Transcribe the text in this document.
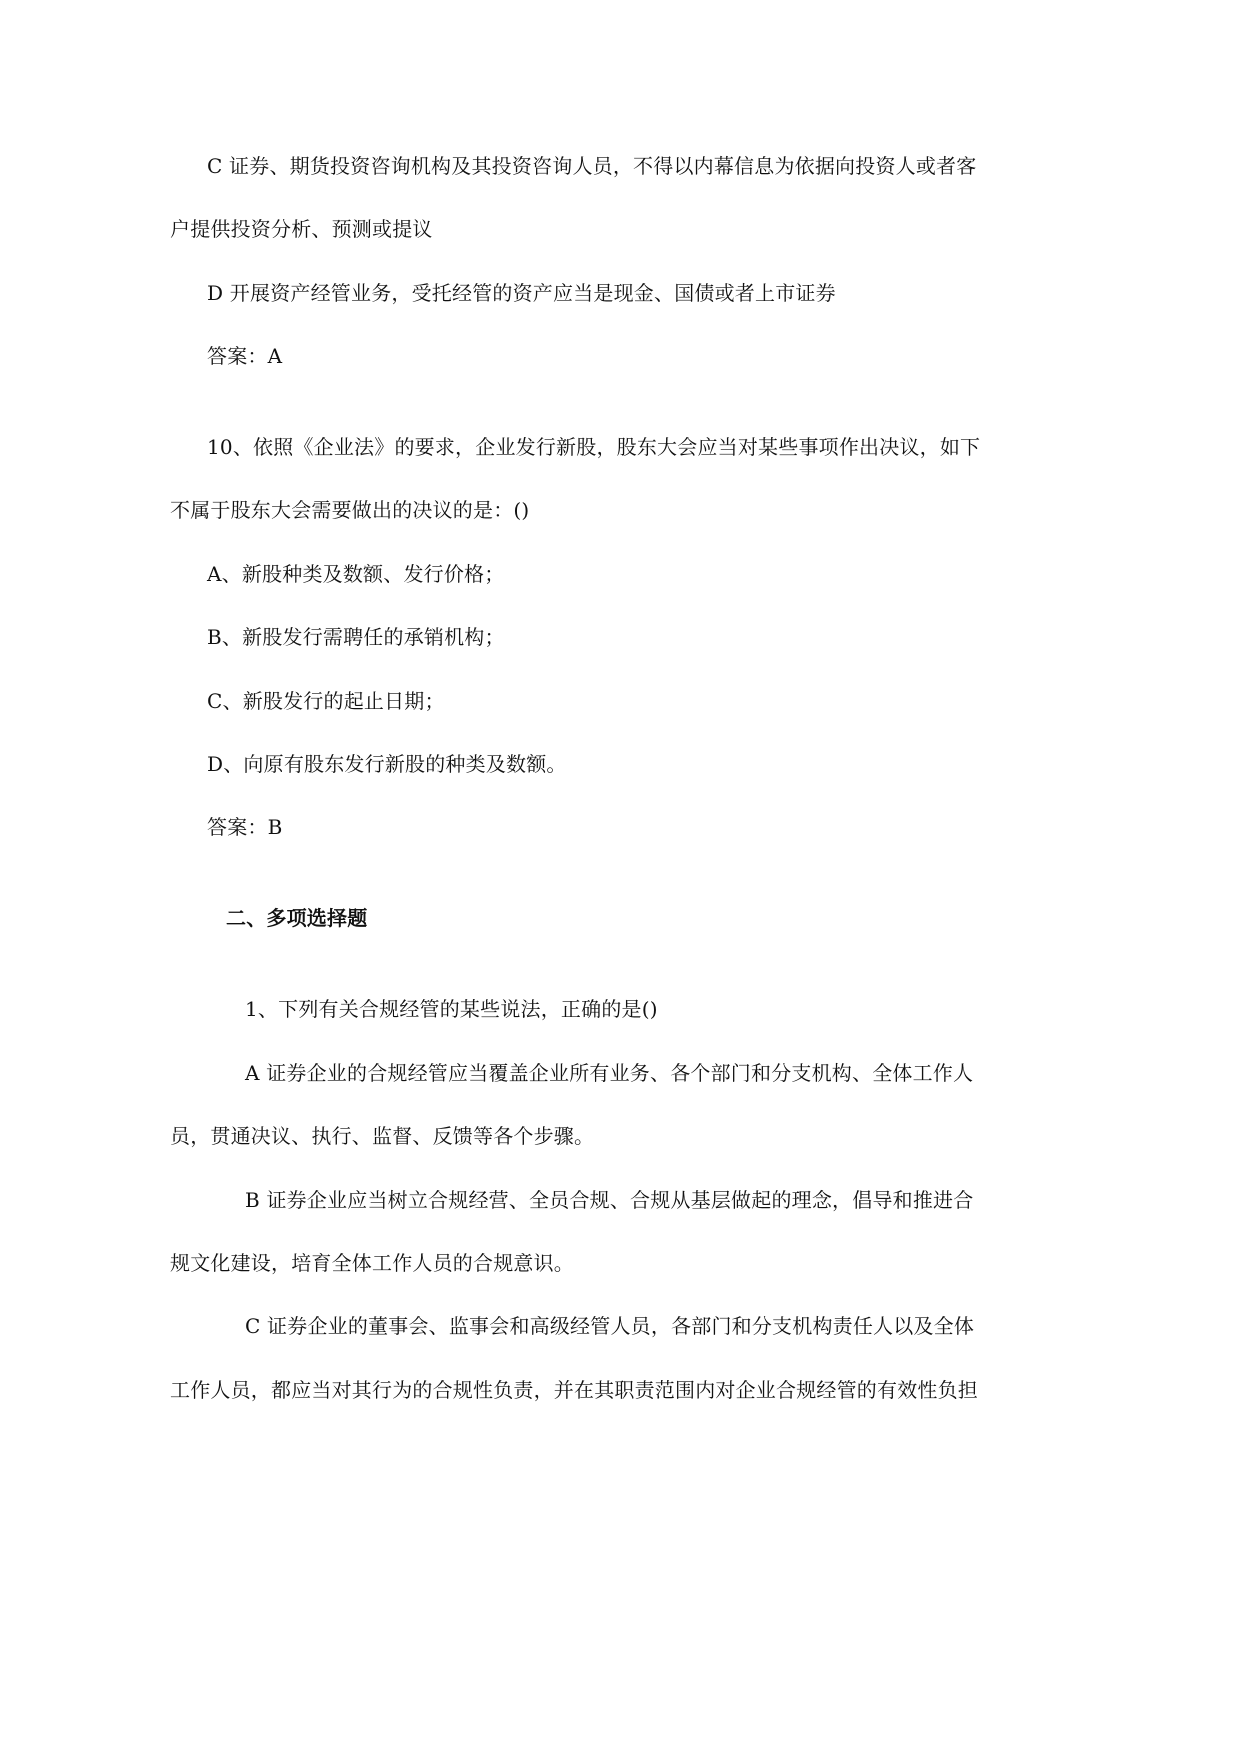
C 证券、期货投资咨询机构及其投资咨询人员，不得以内幕信息为依据向投资人或者客
户提供投资分析、预测或提议
D 开展资产经管业务，受托经管的资产应当是现金、国债或者上市证券
答案：A
10、依照《企业法》的要求，企业发行新股，股东大会应当对某些事项作出决议，如下
不属于股东大会需要做出的决议的是：()
A、新股种类及数额、发行价格；
B、新股发行需聘任的承销机构；
C、新股发行的起止日期；
D、向原有股东发行新股的种类及数额。
答案：B
二、多项选择题
1、下列有关合规经管的某些说法，正确的是()
A 证券企业的合规经管应当覆盖企业所有业务、各个部门和分支机构、全体工作人
员，贯通决议、执行、监督、反馈等各个步骤。
B 证券企业应当树立合规经营、全员合规、合规从基层做起的理念，倡导和推进合
规文化建设，培育全体工作人员的合规意识。
C 证券企业的董事会、监事会和高级经管人员，各部门和分支机构责任人以及全体
工作人员，都应当对其行为的合规性负责，并在其职责范围内对企业合规经管的有效性负担
